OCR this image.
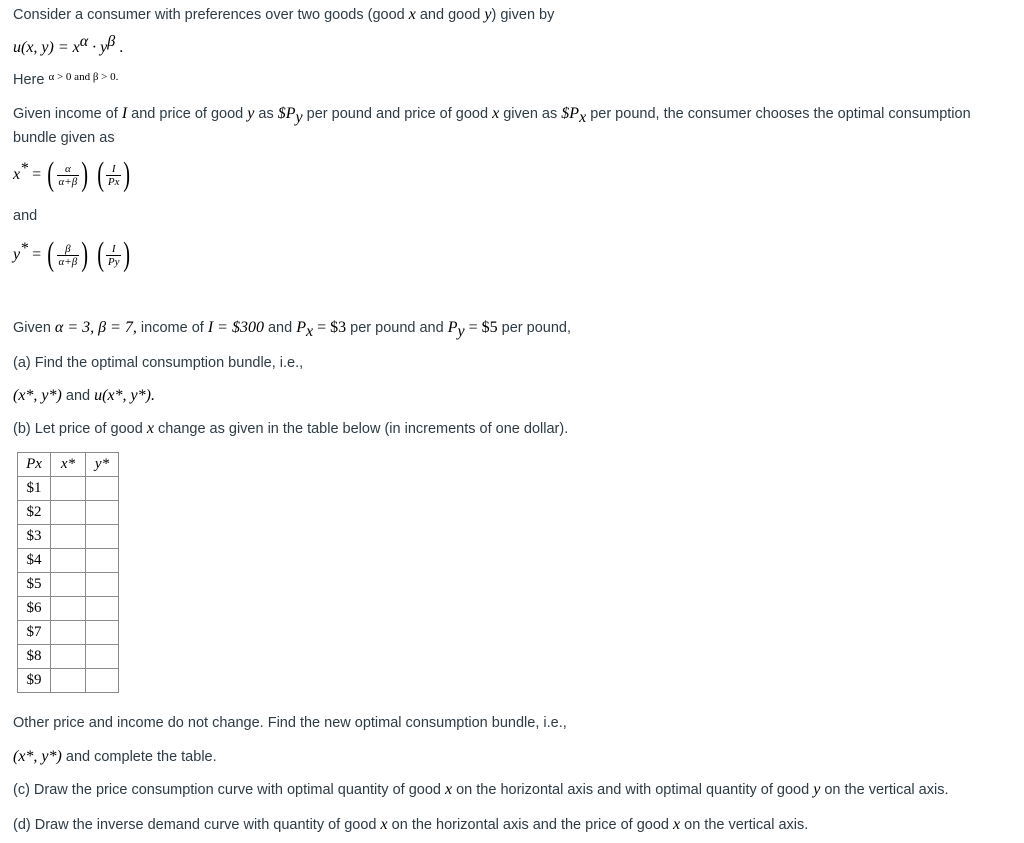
Consider a consumer with preferences over two goods (good x and good y) given by
u(x, $y) = x^\alpha \cdot y^\beta$ .
Here $^{\alpha > 0 and \beta > 0.}$
Given income of I and price of good y as $\$P_y$ per pound and price of good x given as $\$P_x$ per pound, the consumer chooses the optimal consumption
bundle given as
x* = ( $\frac{\alpha}{\alpha+\beta}$ ) ( $\frac{I}{Px}$ )
and
y* = ( $\frac{\beta}{\alpha+\beta}$ ) ( $\frac{I}{Py}$ )
Given α = 3, β = 7, income of I = $300 and $P_x$ = $3 per pound and $P_y$ = $5 per pound,
(a) Find the optimal consumption bundle, i.e.,
(x*, y*) and u(x*, y*).
(b) Let price of good x change as given in the table below (in increments of one dollar).
Px	x*	y*
$1		
$2		
$3		
$4		
$5		
$6		
$7		
$8		
$9		
Other price and income do not change. Find the new optimal consumption bundle, i.e.,
(x*, y*) and complete the table.
(c) Draw the price consumption curve with optimal quantity of good x on the horizontal axis and with optimal quantity of good y on the vertical axis.
(d) Draw the inverse demand curve with quantity of good x on the horizontal axis and the price of good x on the vertical axis.
